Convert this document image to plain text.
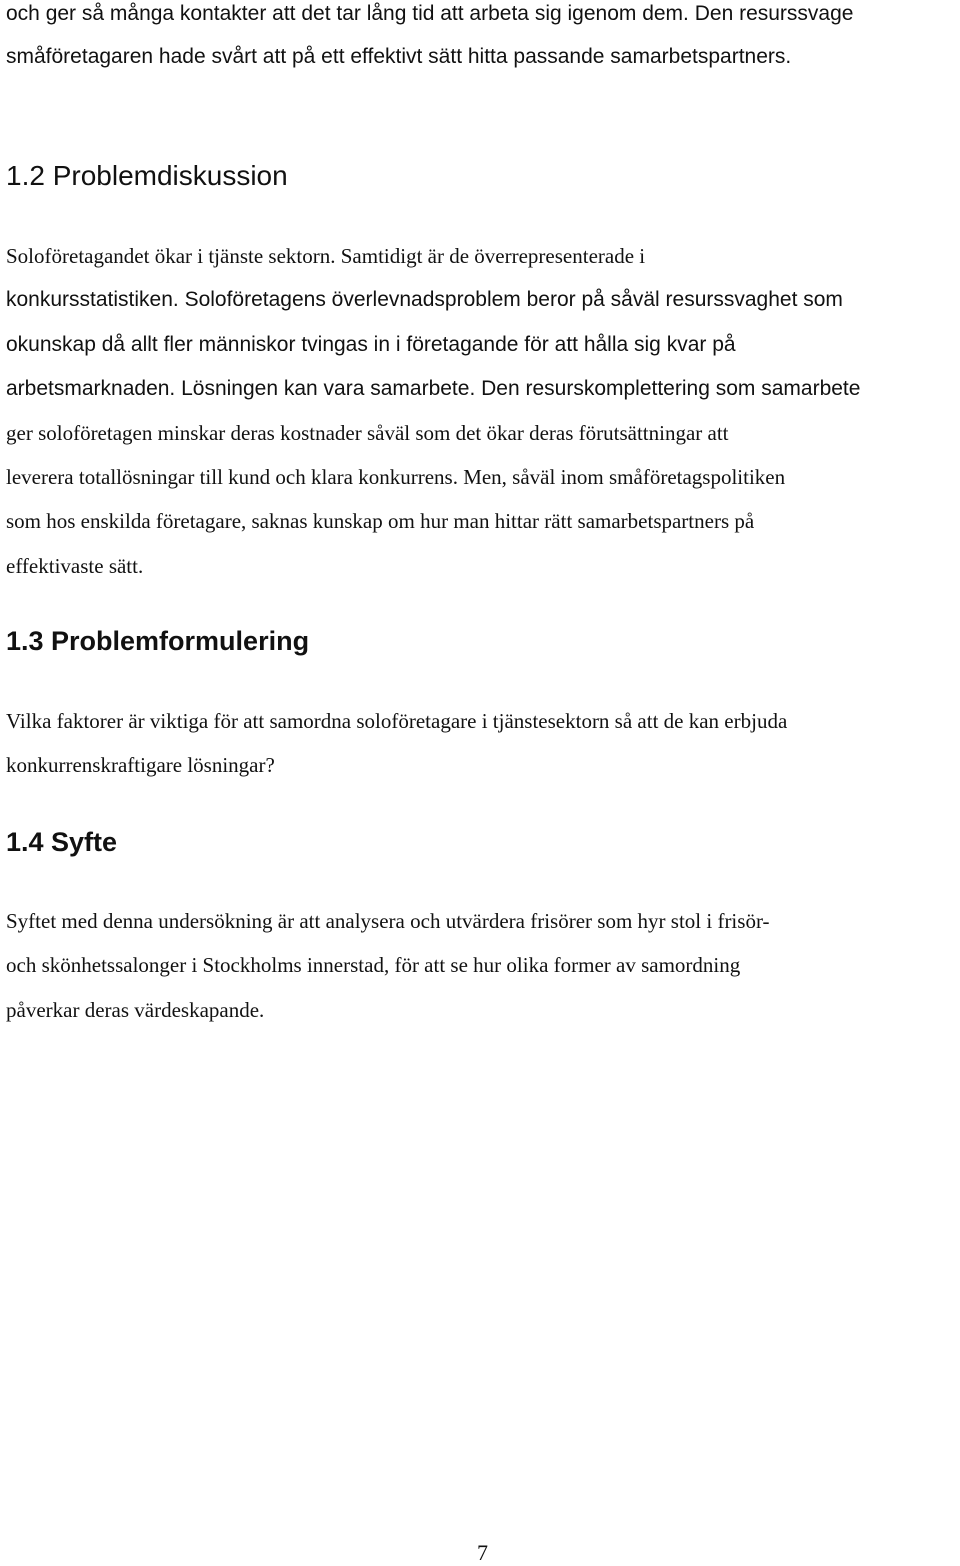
och ger så många kontakter att det tar lång tid att arbeta sig igenom dem. Den resurssvage

småföretagaren hade svårt att på ett effektivt sätt hitta passande samarbetspartners.

1.2 Problemdiskussion

Soloföretagandet ökar i tjänste sektorn. Samtidigt är de överrepresenterade i

konkursstatistiken. Soloföretagens överlevnadsproblem beror på såväl resurssvaghet som

okunskap då allt fler människor tvingas in i företagande för att hålla sig kvar på

arbetsmarknaden. Lösningen kan vara samarbete. Den resurskomplettering som samarbete

ger soloföretagen minskar deras kostnader såväl som det ökar deras förutsättningar att

leverera totallösningar till kund och klara konkurrens. Men, såväl inom småföretagspolitiken

som hos enskilda företagare, saknas kunskap om hur man hittar rätt samarbetspartners på

effektivaste sätt.

1.3 Problemformulering

Vilka faktorer är viktiga för att samordna soloföretagare i tjänstesektorn så att de kan erbjuda

konkurrenskraftigare lösningar?

1.4 Syfte

Syftet med denna undersökning är att analysera och utvärdera frisörer som hyr stol i frisör-

och skönhetssalonger i Stockholms innerstad, för att se hur olika former av samordning

påverkar deras värdeskapande.

7
